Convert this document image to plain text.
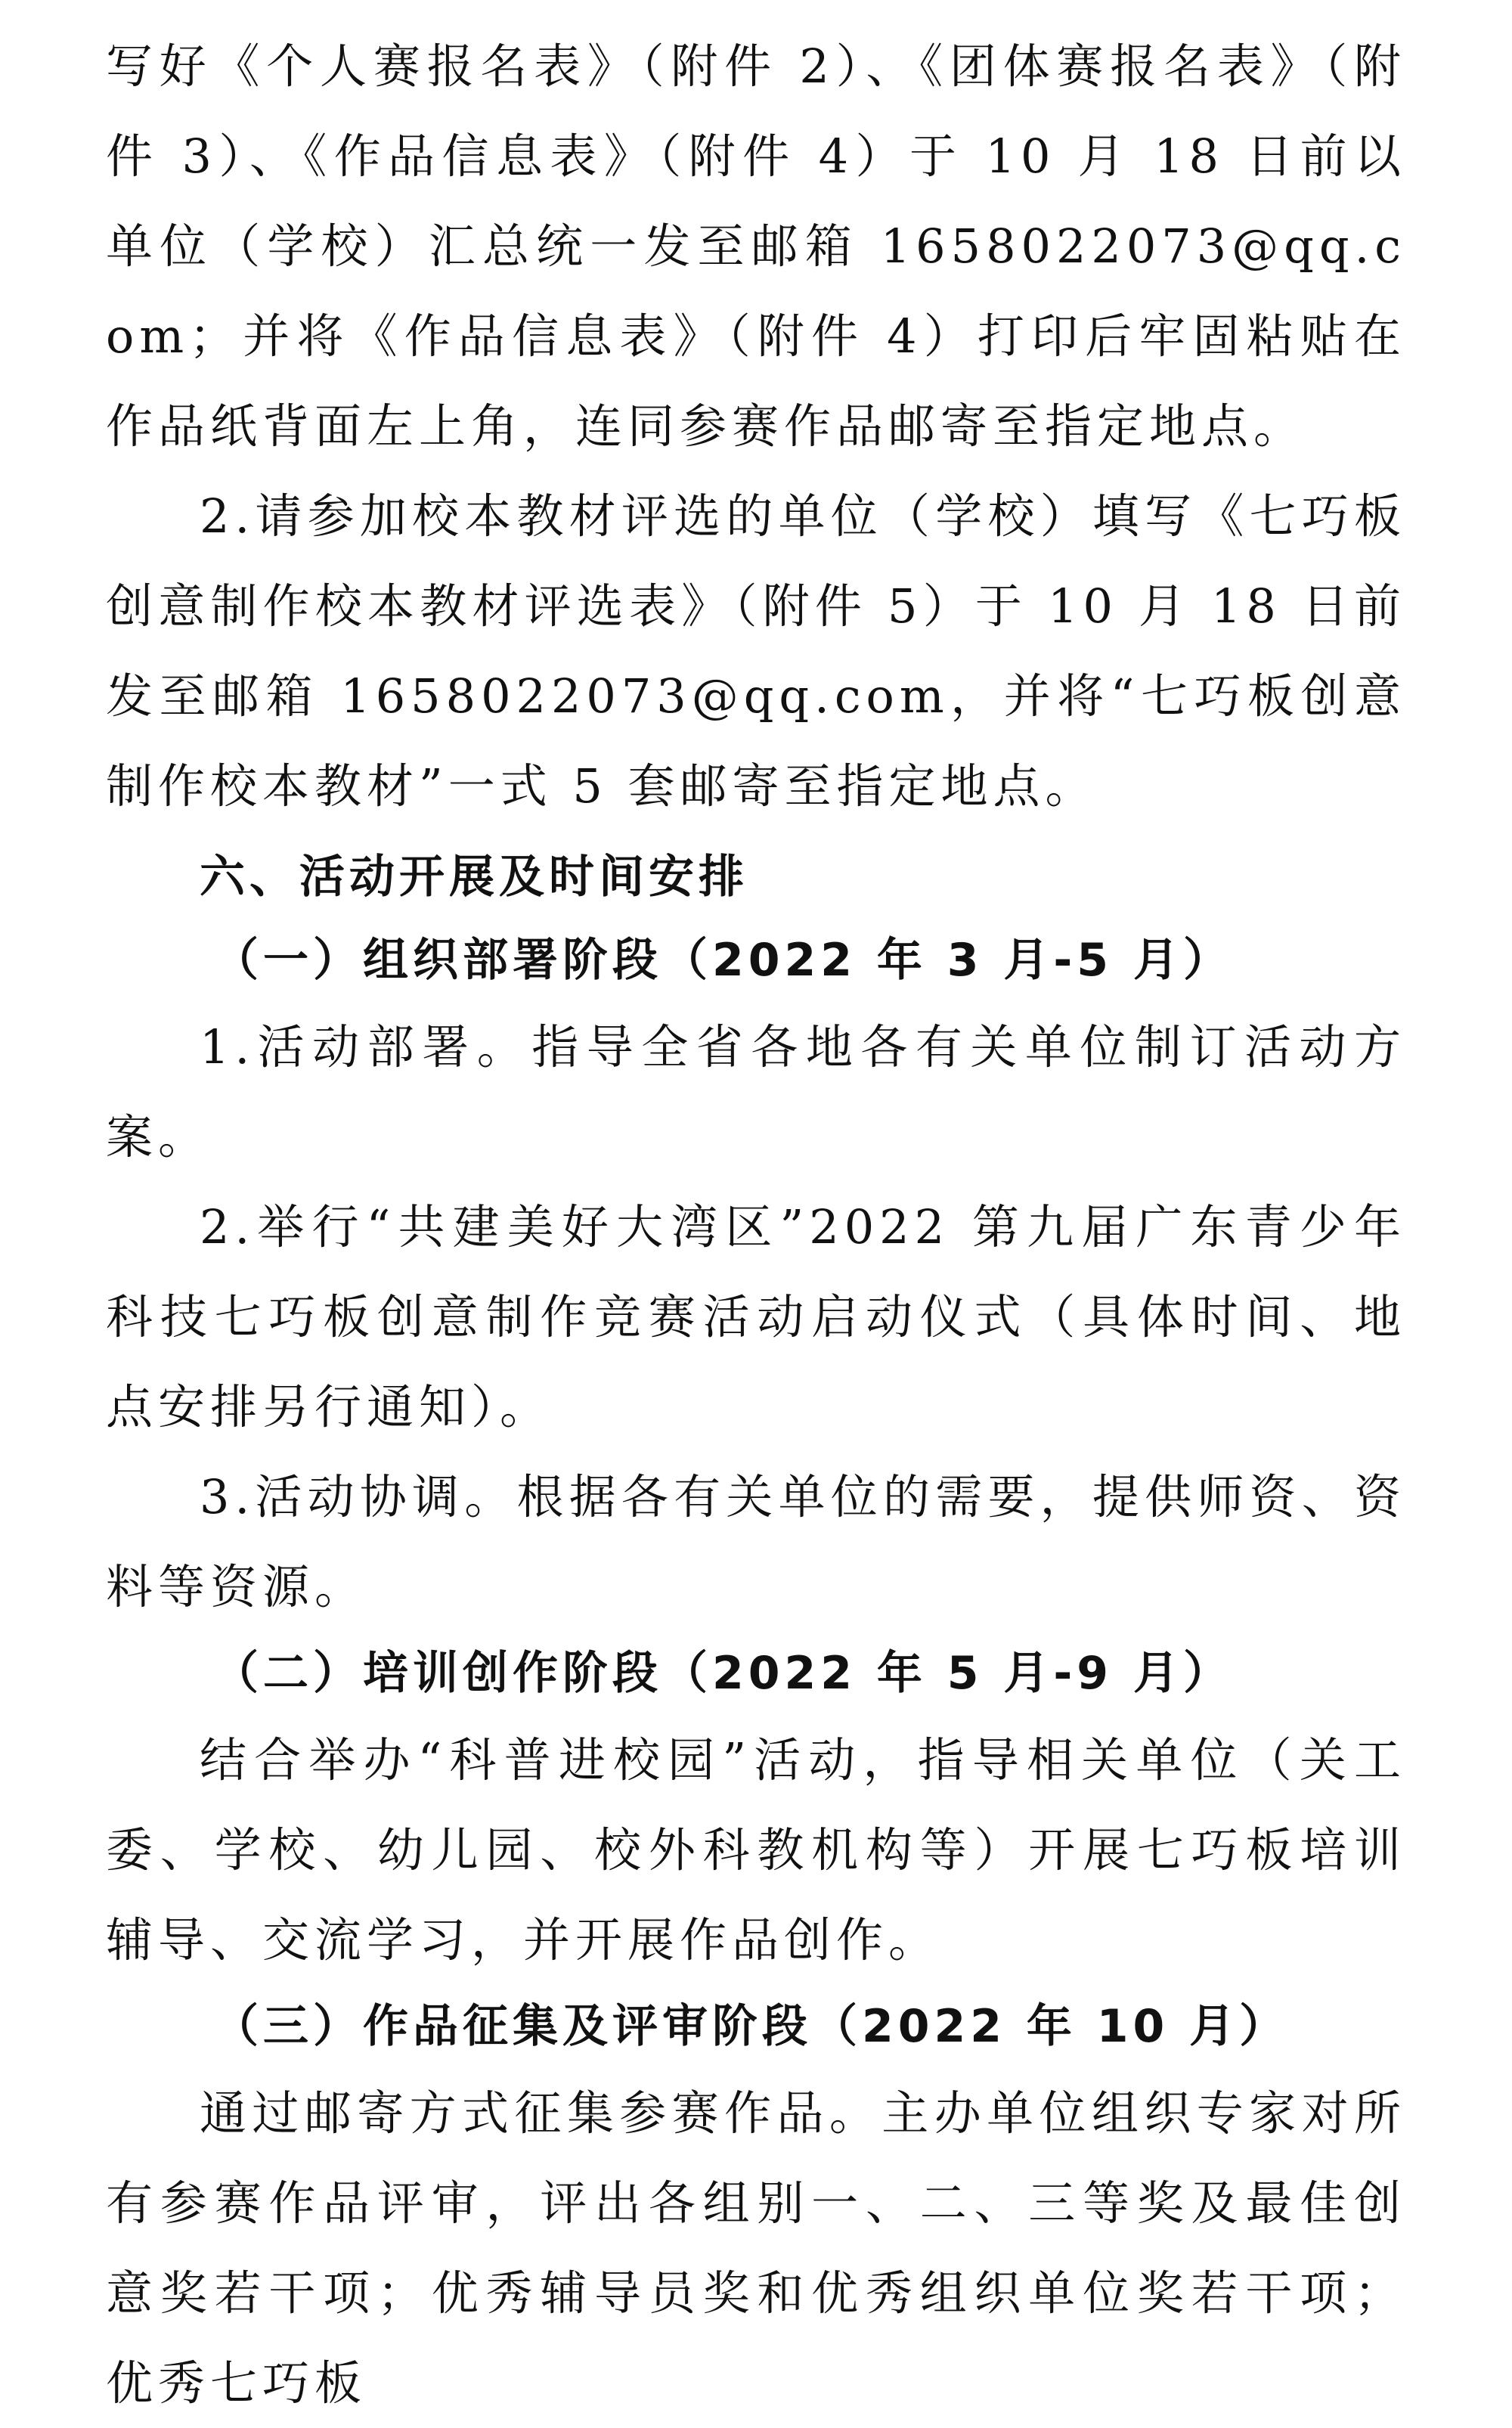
写好《个人赛报名表》（附件 2）、《团体赛报名表》（附件 3）、《作品信息表》（附件 4）于 10 月 18 日前以单位（学校）汇总统一发至邮箱 1658022073@qq.com；并将《作品信息表》（附件 4）打印后牢固粘贴在作品纸背面左上角，连同参赛作品邮寄至指定地点。

2.请参加校本教材评选的单位（学校）填写《七巧板创意制作校本教材评选表》（附件 5）于 10 月 18 日前发至邮箱 1658022073@qq.com，并将“七巧板创意制作校本教材”一式 5 套邮寄至指定地点。

六、活动开展及时间安排
（一）组织部署阶段（2022 年 3 月-5 月）

1.活动部署。指导全省各地各有关单位制订活动方案。

2.举行“共建美好大湾区”2022 第九届广东青少年科技七巧板创意制作竞赛活动启动仪式（具体时间、地点安排另行通知）。

3.活动协调。根据各有关单位的需要，提供师资、资料等资源。

（二）培训创作阶段（2022 年 5 月-9 月）

结合举办“科普进校园”活动，指导相关单位（关工委、学校、幼儿园、校外科教机构等）开展七巧板培训辅导、交流学习，并开展作品创作。

（三）作品征集及评审阶段（2022 年 10 月）

通过邮寄方式征集参赛作品。主办单位组织专家对所有参赛作品评审，评出各组别一、二、三等奖及最佳创意奖若干项；优秀辅导员奖和优秀组织单位奖若干项；优秀七巧板
